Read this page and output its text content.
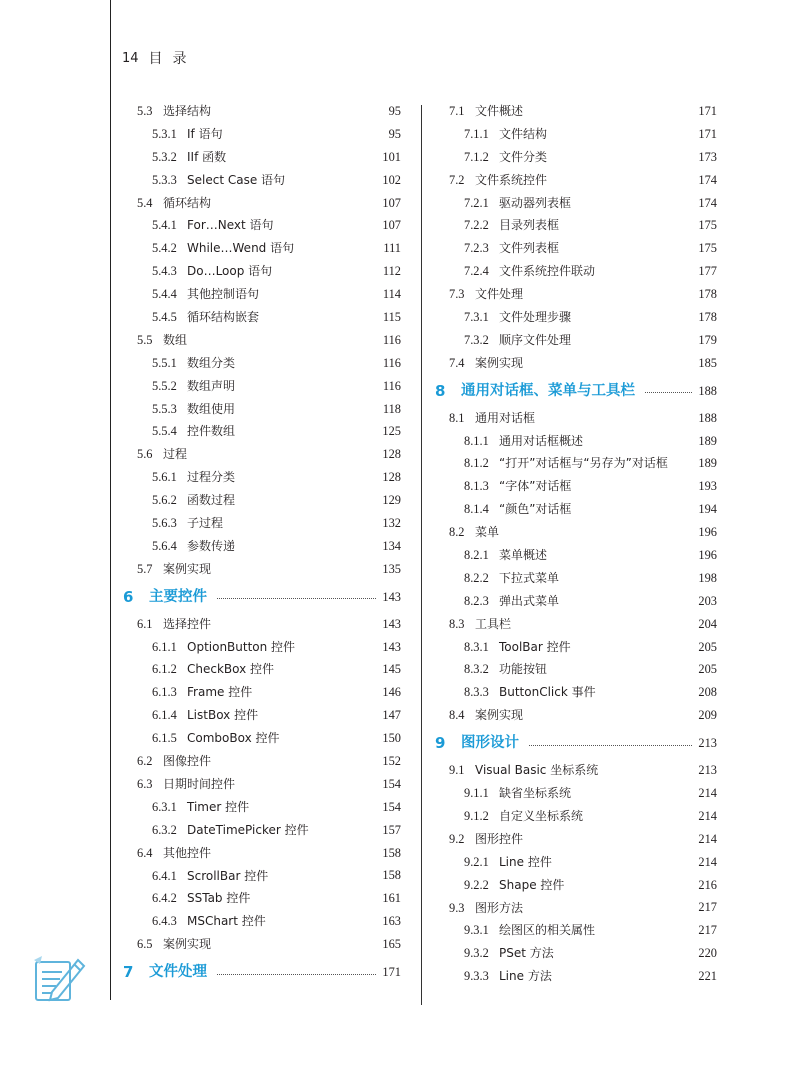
14 目录
5.3 选择结构	95
5.3.1 If 语句	95
5.3.2 IIf 函数	101
5.3.3 Select Case 语句	102
5.4 循环结构	107
5.4.1 For…Next 语句	107
5.4.2 While…Wend 语句	111
5.4.3 Do…Loop 语句	112
5.4.4 其他控制语句	114
5.4.5 循环结构嵌套	115
5.5 数组	116
5.5.1 数组分类	116
5.5.2 数组声明	116
5.5.3 数组使用	118
5.5.4 控件数组	125
5.6 过程	128
5.6.1 过程分类	128
5.6.2 函数过程	129
5.6.3 子过程	132
5.6.4 参数传递	134
5.7 案例实现	135
6	主要控件	143
6.1 选择控件	143
6.1.1 OptionButton 控件	143
6.1.2 CheckBox 控件	145
6.1.3 Frame 控件	146
6.1.4 ListBox 控件	147
6.1.5 ComboBox 控件	150
6.2 图像控件	152
6.3 日期时间控件	154
6.3.1 Timer 控件	154
6.3.2 DateTimePicker 控件	157
6.4 其他控件	158
6.4.1 ScrollBar 控件	158
6.4.2 SSTab 控件	161
6.4.3 MSChart 控件	163
6.5 案例实现	165
7	文件处理	171
7.1 文件概述	171
7.1.1 文件结构	171
7.1.2 文件分类	173
7.2 文件系统控件	174
7.2.1 驱动器列表框	174
7.2.2 目录列表框	175
7.2.3 文件列表框	175
7.2.4 文件系统控件联动	177
7.3 文件处理	178
7.3.1 文件处理步骤	178
7.3.2 顺序文件处理	179
7.4 案例实现	185
8	通用对话框、菜单与工具栏	188
8.1 通用对话框	188
8.1.1 通用对话框概述	189
8.1.2 “打开”对话框与“另存为”对话框 189
8.1.3 “字体”对话框	193
8.1.4 “颜色”对话框	194
8.2 菜单	196
8.2.1 菜单概述	196
8.2.2 下拉式菜单	198
8.2.3 弹出式菜单	203
8.3 工具栏	204
8.3.1 ToolBar 控件	205
8.3.2 功能按钮	205
8.3.3 ButtonClick 事件	208
8.4 案例实现	209
9	图形设计	213
9.1 Visual Basic 坐标系统	213
9.1.1 缺省坐标系统	214
9.1.2 自定义坐标系统	214
9.2 图形控件	214
9.2.1 Line 控件	214
9.2.2 Shape 控件	216
9.3 图形方法	217
9.3.1 绘图区的相关属性	217
9.3.2 PSet 方法	220
9.3.3 Line 方法	221
